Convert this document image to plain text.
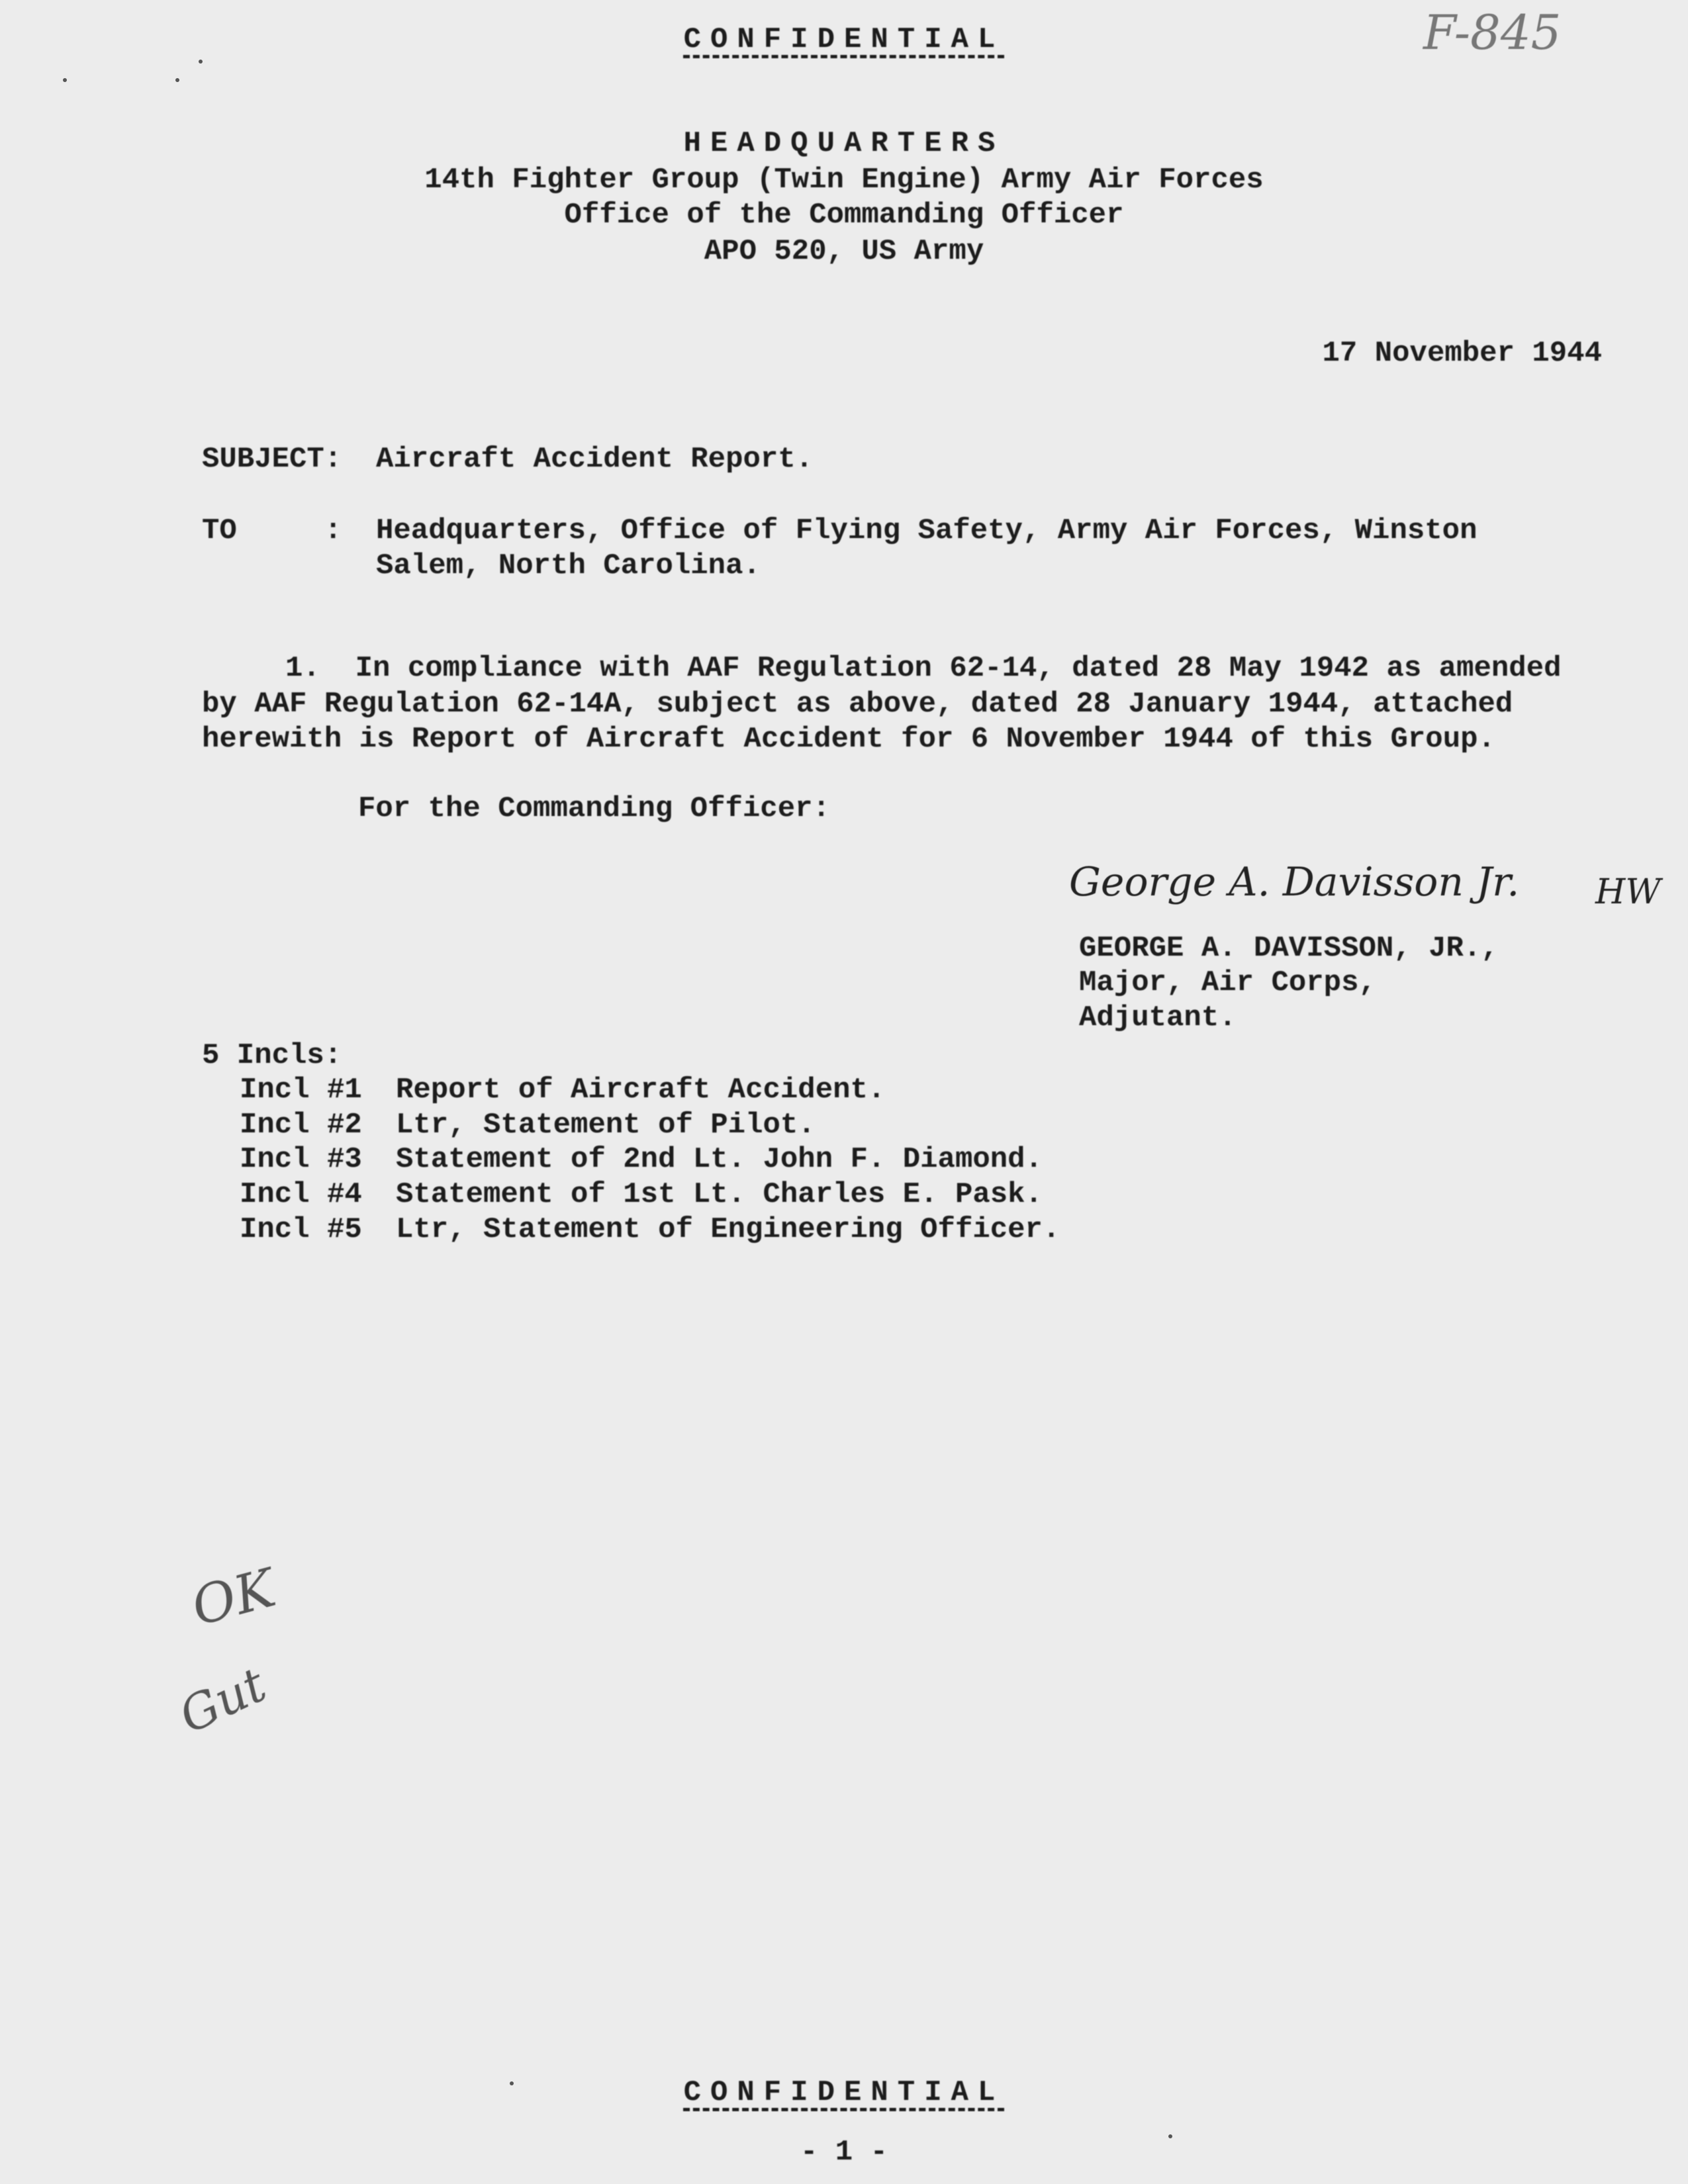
CONFIDENTIAL	F-845
HEADQUARTERS
14th Fighter Group (Twin Engine) Army Air Forces
Office of the Commanding Officer
APO 520, US Army
17 November 1944
SUBJECT: Aircraft Accident Report.
TO	: Headquarters, Office of Flying Safety, Army Air Forces, Winston
Salem, North Carolina.
1.  In compliance with AAF Regulation 62-14, dated 28 May 1942 as amended
by AAF Regulation 62-14A, subject as above, dated 28 January 1944, attached
herewith is Report of Aircraft Accident for 6 November 1944 of this Group.
For the Commanding Officer:
George A. Davisson Jr. HW
GEORGE A. DAVISSON, JR.,
Major, Air Corps,
Adjutant.
5 Incls:
Incl #1 Report of Aircraft Accident.
Incl #2 Ltr, Statement of Pilot.
Incl #3 Statement of 2nd Lt. John F. Diamond.
Incl #4 Statement of 1st Lt. Charles E. Pask.
Incl #5 Ltr, Statement of Engineering Officer.
OK
Gut
CONFIDENTIAL
- 1 -
